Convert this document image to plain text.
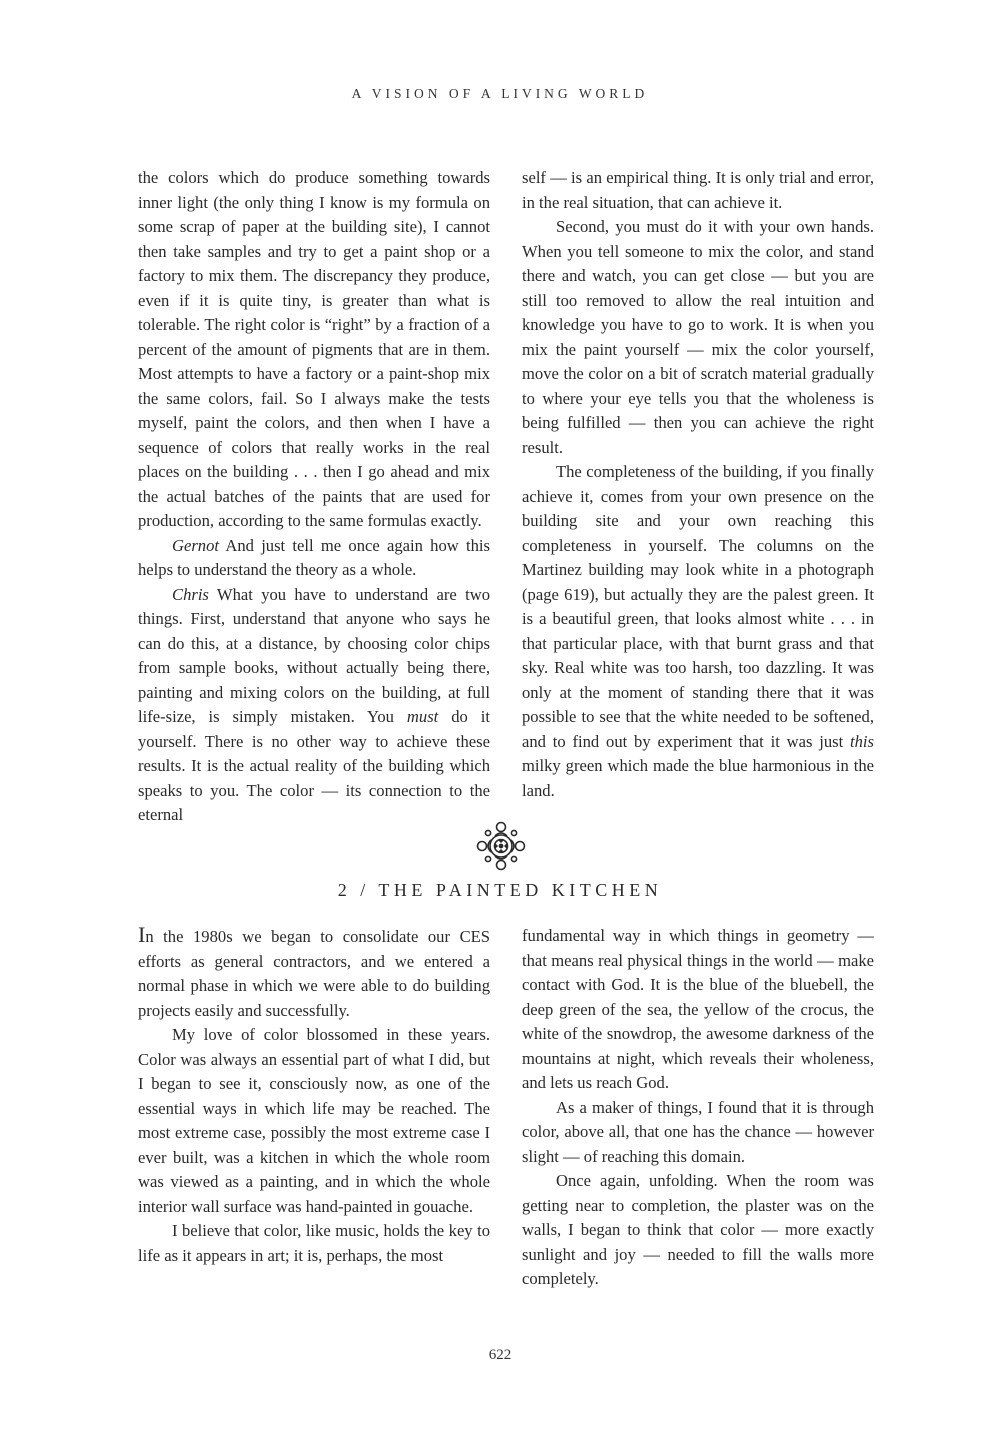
A VISION OF A LIVING WORLD

the colors which do produce something towards inner light (the only thing I know is my formula on some scrap of paper at the building site), I cannot then take samples and try to get a paint shop or a factory to mix them. The discrepancy they produce, even if it is quite tiny, is greater than what is tolerable. The right color is “right” by a fraction of a percent of the amount of pigments that are in them. Most attempts to have a factory or a paint-shop mix the same colors, fail. So I always make the tests myself, paint the colors, and then when I have a sequence of colors that really works in the real places on the building . . . then I go ahead and mix the actual batches of the paints that are used for production, according to the same formulas exactly.

Gernot And just tell me once again how this helps to understand the theory as a whole.

Chris What you have to understand are two things. First, understand that anyone who says he can do this, at a distance, by choosing color chips from sample books, without actually being there, painting and mixing colors on the building, at full life-size, is simply mistaken. You must do it yourself. There is no other way to achieve these results. It is the actual reality of the building which speaks to you. The color — its connection to the eternal

self — is an empirical thing. It is only trial and error, in the real situation, that can achieve it.

Second, you must do it with your own hands. When you tell someone to mix the color, and stand there and watch, you can get close — but you are still too removed to allow the real intuition and knowledge you have to go to work. It is when you mix the paint yourself — mix the color yourself, move the color on a bit of scratch material gradually to where your eye tells you that the wholeness is being fulfilled — then you can achieve the right result.

The completeness of the building, if you finally achieve it, comes from your own presence on the building site and your own reaching this completeness in yourself. The columns on the Martinez building may look white in a photograph (page 619), but actually they are the palest green. It is a beautiful green, that looks almost white . . . in that particular place, with that burnt grass and that sky. Real white was too harsh, too dazzling. It was only at the moment of standing there that it was possible to see that the white needed to be softened, and to find out by experiment that it was just this milky green which made the blue harmonious in the land.

2 / THE PAINTED KITCHEN

In the 1980s we began to consolidate our CES efforts as general contractors, and we entered a normal phase in which we were able to do building projects easily and successfully.

My love of color blossomed in these years. Color was always an essential part of what I did, but I began to see it, consciously now, as one of the essential ways in which life may be reached. The most extreme case, possibly the most extreme case I ever built, was a kitchen in which the whole room was viewed as a painting, and in which the whole interior wall surface was hand-painted in gouache.

I believe that color, like music, holds the key to life as it appears in art; it is, perhaps, the most

fundamental way in which things in geometry — that means real physical things in the world — make contact with God. It is the blue of the bluebell, the deep green of the sea, the yellow of the crocus, the white of the snowdrop, the awesome darkness of the mountains at night, which reveals their wholeness, and lets us reach God.

As a maker of things, I found that it is through color, above all, that one has the chance — however slight — of reaching this domain.

Once again, unfolding. When the room was getting near to completion, the plaster was on the walls, I began to think that color — more exactly sunlight and joy — needed to fill the walls more completely.

622
